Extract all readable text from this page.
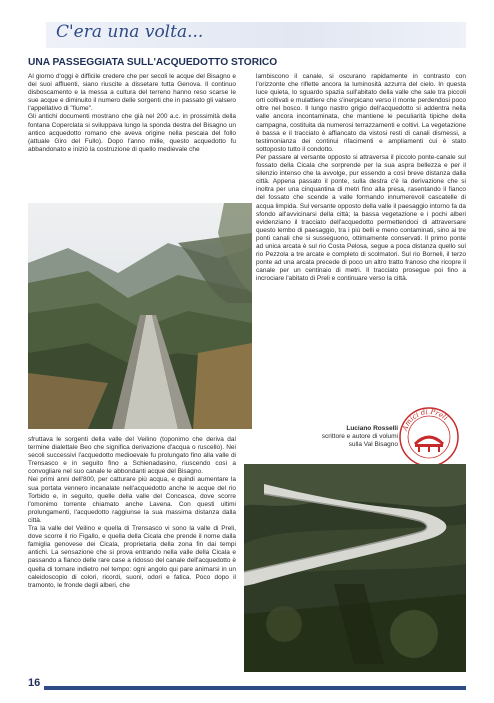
C'era una volta...
UNA PASSEGGIATA SULL'ACQUEDOTTO STORICO

Al giorno d'oggi è difficile credere che per secoli le acque del Bisagno e dei suoi affluenti, siano riuscite a dissetare tutta Genova. Il continuo disboscamento e la messa a cultura del terreno hanno reso scarse le sue acque e diminuito il numero delle sorgenti che in passato gli valsero l'appellativo di "fiume".

Gli antichi documenti mostrano che già nel 200 a.c. in prossimità della fontana Coperclata si sviluppava lungo la sponda destra del Bisagno un antico acquedotto romano che aveva origine nella pescaia del follo (attuale Giro del Fullo). Dopo l'anno mille, questo acquedotto fu abbandonato e iniziò la costruzione di quello medievale che

sfruttava le sorgenti della valle del Veilino (toponimo che deriva dal termine dialettale Beo che significa derivazione d'acqua o ruscello). Nei secoli successivi l'acquedotto medioevale fu prolungato fino alla valle di Trensasco e in seguito fino a Schienadasino, riuscendo così a convogliare nel suo canale le abbondanti acque del Bisagno.

Nei primi anni dell'800, per catturare più acqua, e quindi aumentare la sua portata vennero incanalate nell'acquedotto anche le acque del rio Torbido e, in seguito, quelle della valle del Concasca, dove scorre l'omonimo torrente chiamato anche Lavena. Con questi ultimi prolungamenti, l'acquedotto raggiunse la sua massima distanza dalla città.

Tra la valle del Veilino e quella di Trensasco vi sono la valle di Preli, dove scorre il rio Figallo, e quella della Cicala che prende il nome dalla famiglia genovese dei Cicala, proprietaria della zona fin dai tempi antichi. La sensazione che si prova entrando nella valle della Cicala e passando a fianco delle rare case a ridosso del canale dell'acquedotto è quella di tornare indietro nel tempo: ogni angolo qui pare animarsi in un caleidoscopio di colori, ricordi, suoni, odori e fatica. Poco dopo il tramonto, le fronde degli alberi, che

lambiscono il canale, si oscurano rapidamente in contrasto con l'orizzonte che riflette ancora la luminosità azzurra del cielo. In questa luce quieta, lo sguardo spazia sull'abitato della valle che sale tra piccoli orti coltivati e mulattiere che s'inerpicano verso il monte perdendosi poco oltre nel bosco. Il lungo nastro grigio dell'acquedotto si addentra nella valle ancora incontaminata, che mantiene le peculiarità tipiche della campagna, costituita da numerosi terrazzamenti e coltivi. La vegetazione è bassa e il tracciato è affiancato da vistosi resti di canali dismessi, a testimonianza dei continui rifacimenti e ampliamenti cui è stato sottoposto tutto il condotto.

Per passare al versante opposto si attraversa il piccolo ponte-canale sul fossato della Cicala che sorprende per la sua aspra bellezza e per il silenzio intenso che la avvolge, pur essendo a così breve distanza dalla città. Appena passato il ponte, sulla destra c'è la derivazione che si inoltra per una cinquantina di metri fino alla presa, rasentando il fianco del fossato che scende a valle formando innumerevoli cascatelle di acqua limpida. Sul versante opposto della valle il paesaggio intorno fa da sfondo all'avvicinarsi della città; la bassa vegetazione e i pochi alberi evidenziano il tracciato dell'acquedotto permettendoci di attraversare questo lembo di paesaggio, tra i più belli e meno contaminati, sino ai tre ponti canali che si susseguono, ottimamente conservati. Il primo ponte ad unica arcata è sul rio Costa Pelosa, segue a poca distanza quello sul rio Pezzola a tre arcate e completo di scolmatori. Sul rio Borneli, il terzo ponte ad una arcata precede di poco un altro tratto franoso che ricopre il canale per un centinaio di metri. Il tracciato prosegue poi fino a incrociare l'abitato di Preli e continuare verso la città.

Luciano Rosselli
scrittore e autore di volumi
sulla Val Bisagno
Amici di Preli
16
